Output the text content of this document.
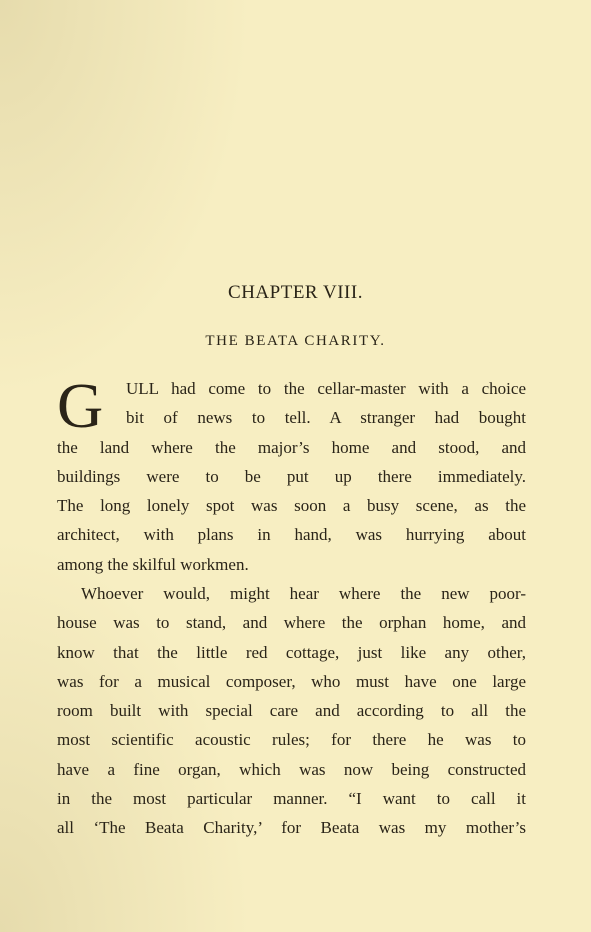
CHAPTER VIII.
THE BEATA CHARITY.
G	ULL had come to the cellar-master with a choice
bit of news to tell. A stranger had bought
the land where the major’s home and stood, and
buildings were to be put up there immediately.
The long lonely spot was soon a busy scene, as the
architect, with plans in hand, was hurrying about
among the skilful workmen.
Whoever would, might hear where the new poor-
house was to stand, and where the orphan home, and
know that the little red cottage, just like any other,
was for a musical composer, who must have one large
room built with special care and according to all the
most scientific acoustic rules; for there he was to
have a fine organ, which was now being constructed
in the most particular manner. “I want to call it
all ‘The Beata Charity,’ for Beata was my mother’s
